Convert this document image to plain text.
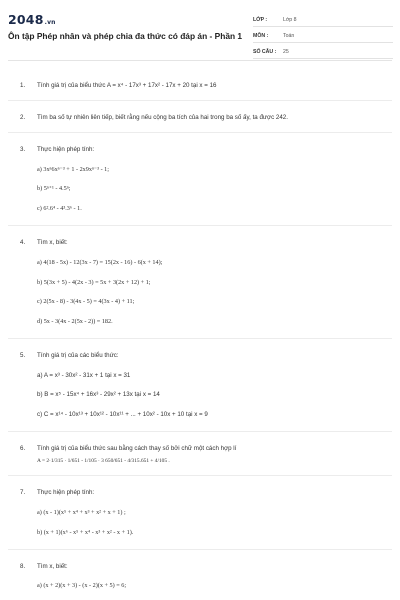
2048.vn
Ôn tập Phép nhân và phép chia đa thức có đáp án - Phần 1
LỚP :	Lớp 8
MÔN :	Toán
SỐ CÂU :	25
1. Tính giá trị của biểu thức A = x⁴ - 17x³ + 17x² - 17x + 20 tại x = 16
2. Tìm ba số tự nhiên liên tiếp, biết rằng nếu cộng ba tích của hai trong ba số ấy, ta được 242.
3. Thực hiện phép tính:
a) 3xⁿ6xⁿ⁻³ + 1 - 2x9xⁿ⁻³ - 1;
b) 5ⁿ⁺¹ - 4.5ⁿ;
c) 6².6⁴ - 4³.3⁶ - 1.
4. Tìm x, biết:
a) 4(18 - 5x) - 12(3x - 7) = 15(2x - 16) - 6(x + 14);
b) 5(3x + 5) - 4(2x - 3) = 5x + 3(2x + 12) + 1;
c) 2(5x - 8) - 3(4x - 5) = 4(3x - 4) + 11;
d) 5x - 3(4x - 2(5x - 2)) = 182.
5. Tính giá trị của các biểu thức:
a) A = x³ - 30x² - 31x + 1 tại x = 31
b) B = x⁵ - 15x⁴ + 16x³ - 29x² + 13x tại x = 14
c) C = x¹⁴ - 10x¹³ + 10x¹² - 10x¹¹ + ... + 10x² - 10x + 10 tại x = 9
6. Tính giá trị của biểu thức sau bằng cách thay số bởi chữ một cách hợp lí
A = 2·1/315 · 1/651 - 1/105 · 3 650/651 - 4/315.651 + 4/105 .
7. Thực hiện phép tính:
a) (x - 1)(x⁵ + x⁴ + x³ + x² + x + 1) ;
b) (x + 1)(x⁶ - x⁵ + x⁴ - x³ + x² - x + 1).
8. Tìm x, biết:
a) (x + 2)(x + 3) - (x - 2)(x + 5) = 6;
